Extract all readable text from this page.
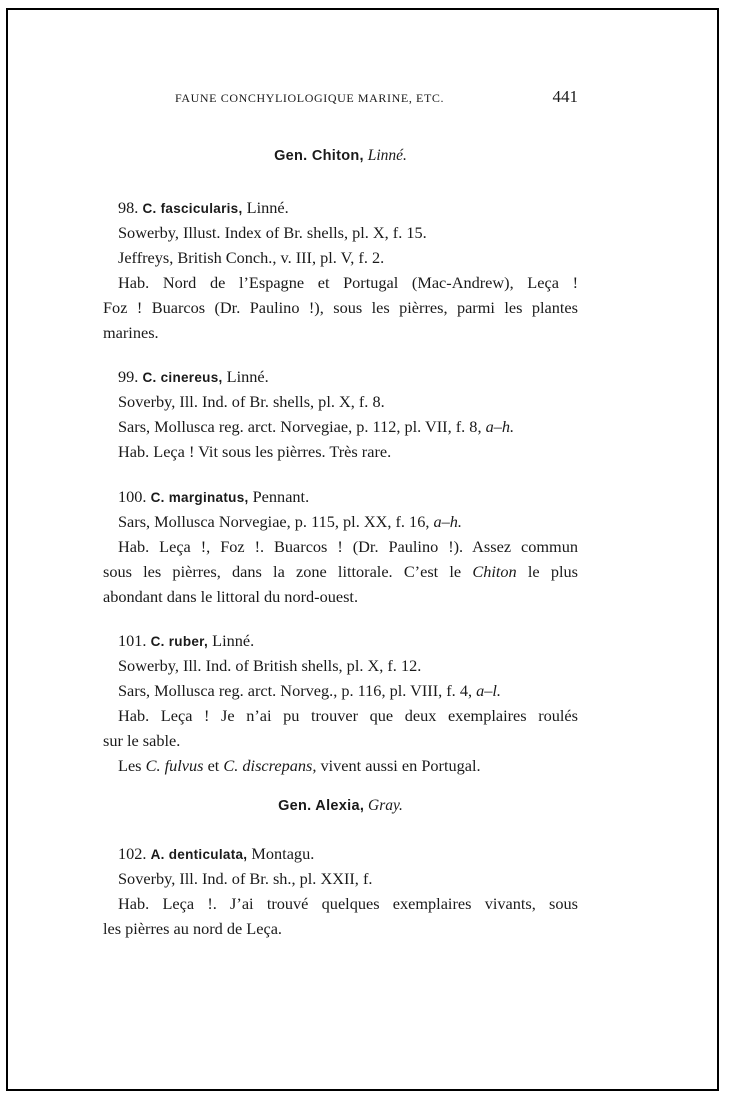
FAUNE CONCHYLIOLOGIQUE MARINE, ETC.	441
Gen. Chiton, Linné.
98. C. fascicularis, Linné.
Sowerby, Illust. Index of Br. shells, pl. X, f. 15.
Jeffreys, British Conch., v. III, pl. V, f. 2.
Hab. Nord de l’Espagne et Portugal (Mac-Andrew), Leça !
Foz ! Buarcos (Dr. Paulino !), sous les pièrres, parmi les plantes
marines.
99. C. cinereus, Linné.
Soverby, Ill. Ind. of Br. shells, pl. X, f. 8.
Sars, Mollusca reg. arct. Norvegiae, p. 112, pl. VII, f. 8, a–h.
Hab. Leça ! Vit sous les pièrres. Très rare.
100. C. marginatus, Pennant.
Sars, Mollusca Norvegiae, p. 115, pl. XX, f. 16, a–h.
Hab. Leça !, Foz !. Buarcos ! (Dr. Paulino !). Assez commun
sous les pièrres, dans la zone littorale. C’est le Chiton le plus
abondant dans le littoral du nord-ouest.
101. C. ruber, Linné.
Sowerby, Ill. Ind. of British shells, pl. X, f. 12.
Sars, Mollusca reg. arct. Norveg., p. 116, pl. VIII, f. 4, a–l.
Hab. Leça ! Je n’ai pu trouver que deux exemplaires roulés
sur le sable.
Les C. fulvus et C. discrepans, vivent aussi en Portugal.
Gen. Alexia, Gray.
102. A. denticulata, Montagu.
Soverby, Ill. Ind. of Br. sh., pl. XXII, f.
Hab. Leça !. J’ai trouvé quelques exemplaires vivants, sous
les pièrres au nord de Leça.
